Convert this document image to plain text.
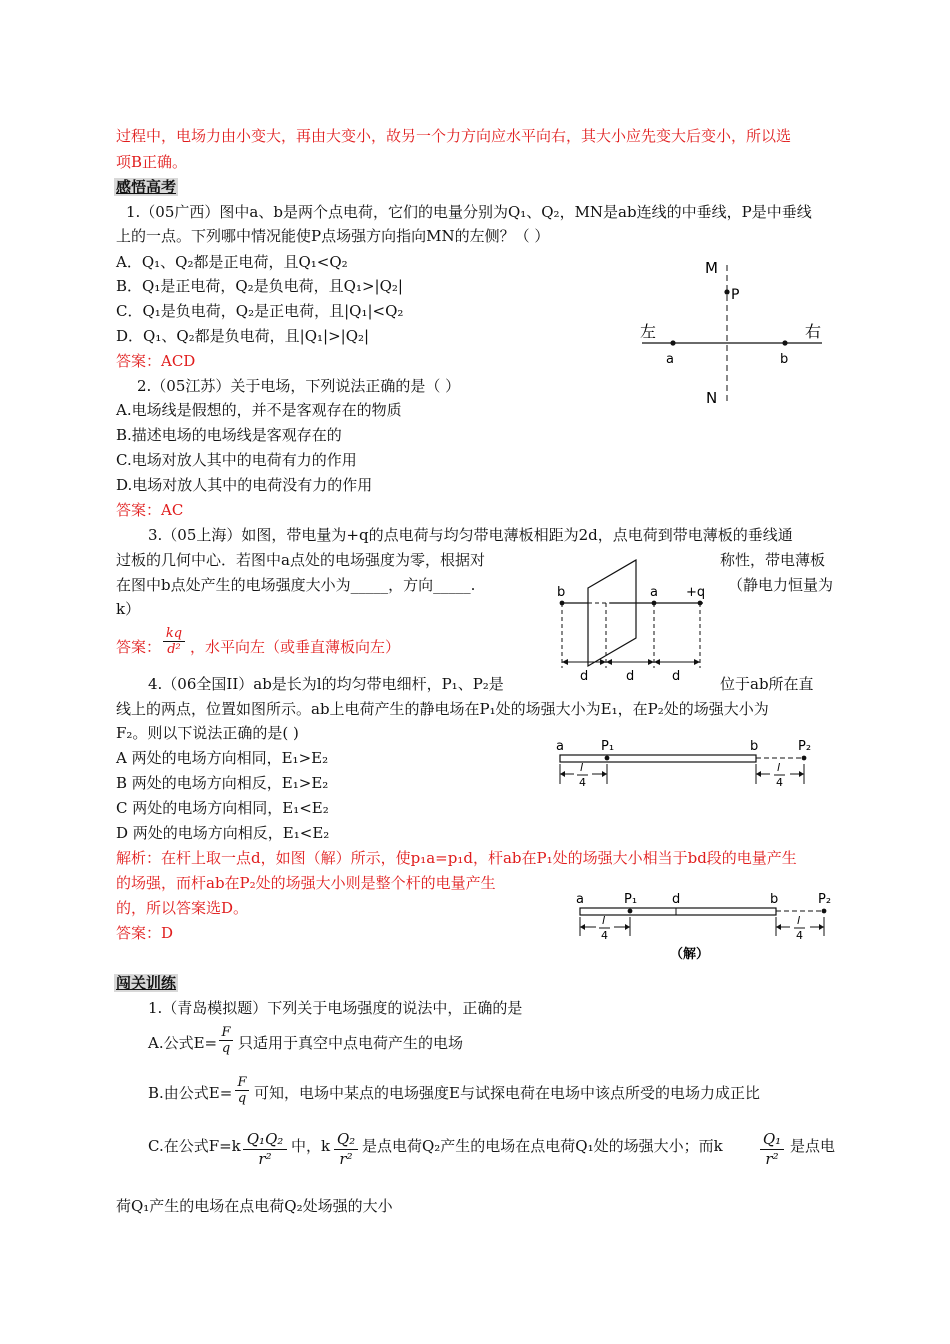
过程中，电场力由小变大，再由大变小，故另一个力方向应水平向右，其大小应先变大后变小，所以选
项B正确。
感悟高考
1.（05广西）图中a、b是两个点电荷，它们的电量分别为Q₁、Q₂，MN是ab连线的中垂线，P是中垂线
上的一点。下列哪中情况能使P点场强方向指向MN的左侧？（ ）
A．Q₁、Q₂都是正电荷，且Q₁<Q₂
B．Q₁是正电荷，Q₂是负电荷，且Q₁>|Q₂|
C．Q₁是负电荷，Q₂是正电荷，且|Q₁|<Q₂
D．Q₁、Q₂都是负电荷，且|Q₁|>|Q₂|
答案：ACD
M
P
左	右
a	b
N
2.（05江苏）关于电场，下列说法正确的是（ ）
A.电场线是假想的，并不是客观存在的物质
B.描述电场的电场线是客观存在的
C.电场对放人其中的电荷有力的作用
D.电场对放人其中的电荷没有力的作用
答案：AC
3.（05上海）如图，带电量为+q的点电荷与均匀带电薄板相距为2d，点电荷到带电薄板的垂线通
过板的几何中心．若图中a点处的电场强度为零，根据对	称性，带电薄板
在图中b点处产生的电场强度大小为_____，方向_____.	（静电力恒量为
k）
答案： $\frac{kq}{\text{d²}}$ ，水平向左（或垂直薄板向左）
b	a +q
d	d	d
4.（06全国II）ab是长为l的均匀带电细杆，P₁、P₂是	位于ab所在直
线上的两点，位置如图所示。ab上电荷产生的静电场在P₁处的场强大小为E₁，在P₂处的场强大小为
F₂。则以下说法正确的是( )
A 两处的电场方向相同，E₁>E₂
B 两处的电场方向相反，E₁>E₂
C 两处的电场方向相同，E₁<E₂
D 两处的电场方向相反，E₁<E₂
解析：在杆上取一点d，如图（解）所示，使p₁a=p₁d，杆ab在P₁处的场强大小相当于bd段的电量产生
的场强，而杆ab在P₂处的场强大小则是整个杆的电量产生
的，所以答案选D。
答案：D
a	P₁	b	P₂
l
4
l
4
a	P₁	d	b	P₂
l
4
l
4
（解）
闯关训练
1.（青岛模拟题）下列关于电场强度的说法中，正确的是
A.公式$E= \frac{F}{q}$ 只适用于真空中点电荷产生的电场
B.由公式$E= \frac{F}{q}$ 可知，电场中某点的电场强度E与试探电荷在电场中该点所受的电场力成正比
C.在公式$F=k \frac{\text{Q₁Q₂}}{\text{r²}}$ 中，k $\frac{\text{Q₂}}{\text{r²}}$ 是点电荷Q₂产生的电场在点电荷Q₁处的场强大小；而k $\frac{\text{Q₁}}{\text{r²}}$ 是点电
荷Q₁产生的电场在点电荷Q₂处场强的大小
